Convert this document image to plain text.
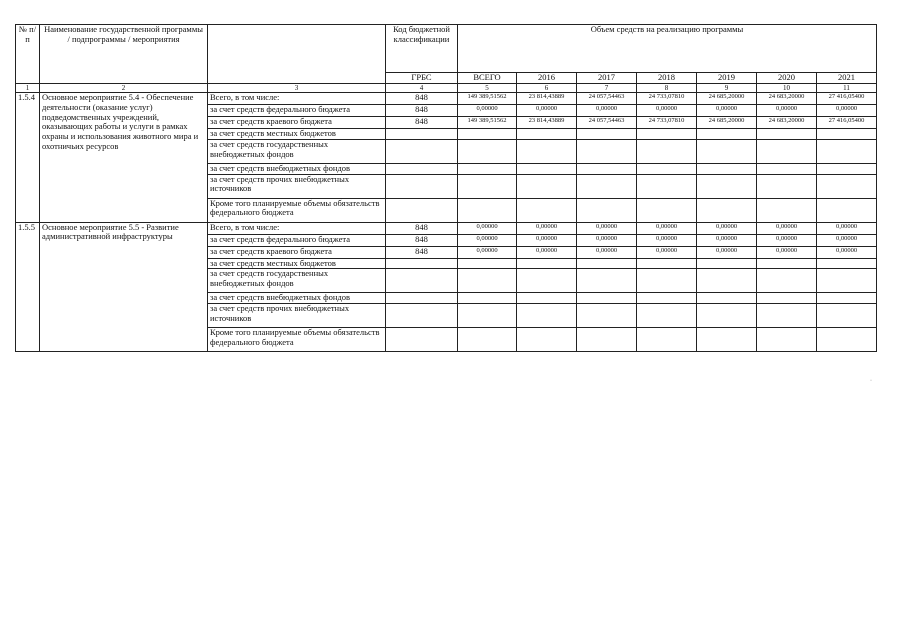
№ п/п	Наименование государственной программы / подпрограммы / мероприятия		Код бюджетной классификации	Объем средств на реализацию программы						
			ГРБС	ВСЕГО	2016	2017	2018	2019	2020	2021
1	2	3	4	5	6	7	8	9	10	11
1.5.4	Основное мероприятие 5.4 - Обеспечение деятельности (оказание услуг) подведомственных учреждений, оказывающих работы и услуги в рамках охраны и использования животного мира и охотничьих ресурсов	Всего, в том числе:	848	149 389,51562	23 814,43889	24 057,54463	24 733,07810	24 685,20000	24 683,20000	27 416,05400
		за счет средств федерального бюджета	848	0,00000	0,00000	0,00000	0,00000	0,00000	0,00000	0,00000
		за счет средств краевого бюджета	848	149 389,51562	23 814,43889	24 057,54463	24 733,07810	24 685,20000	24 683,20000	27 416,05400
		за счет средств местных бюджетов								
		за счет средств государственных внебюджетных фондов								
		за счет средств внебюджетных фондов								
		за счет средств прочих внебюджетных источников								
		Кроме того планируемые объемы обязательств федерального бюджета								
1.5.5	Основное мероприятие 5.5 - Развитие административной инфраструктуры	Всего, в том числе:	848	0,00000	0,00000	0,00000	0,00000	0,00000	0,00000	0,00000
		за счет средств федерального бюджета	848	0,00000	0,00000	0,00000	0,00000	0,00000	0,00000	0,00000
		за счет средств краевого бюджета	848	0,00000	0,00000	0,00000	0,00000	0,00000	0,00000	0,00000
		за счет средств местных бюджетов								
		за счет средств государственных внебюджетных фондов								
		за счет средств внебюджетных фондов								
		за счет средств прочих внебюджетных источников								
		Кроме того планируемые объемы обязательств федерального бюджета								
·
